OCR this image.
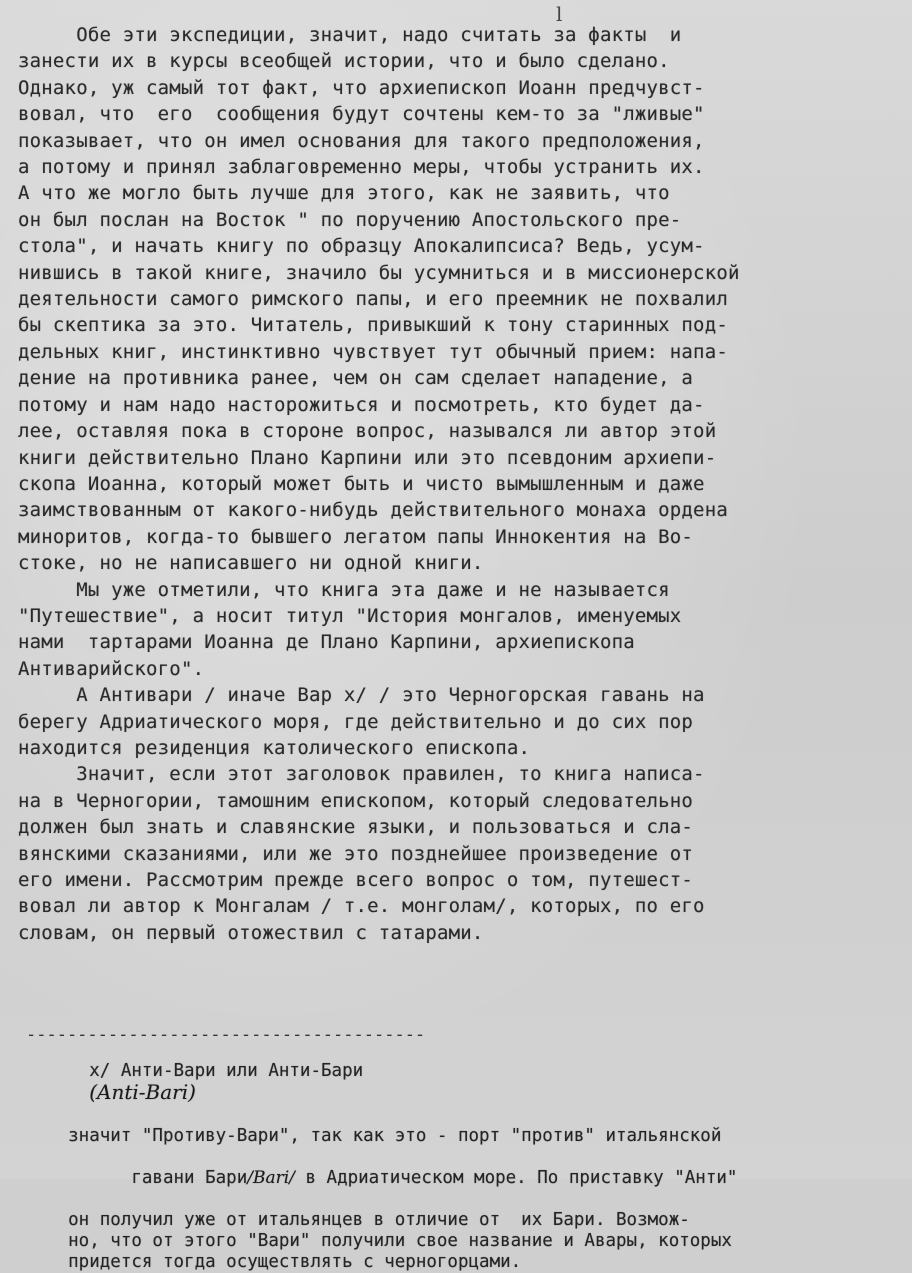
ⅼ
Обе эти экспедиции, значит, надо считать за факты  и
занести их в курсы всеобщей истории, что и было сделано.
Однако, уж самый тот факт, что архиепископ Иоанн предчувст-
вовал, что  его  сообщения будут сочтены кем-то за "лживые"
показывает, что он имел основания для такого предположения,
а потому и принял заблаговременно меры, чтобы устранить их.
А что же могло быть лучше для этого, как не заявить, что
он был послан на Восток " по поручению Апостольского пре-
стола", и начать книгу по образцу Апокалипсиса? Ведь, усум-
нившись в такой книге, значило бы усумниться и в миссионерской
деятельности самого римского папы, и его преемник не похвалил
бы скептика за это. Читатель, привыкший к тону старинных под-
дельных книг, инстинктивно чувствует тут обычный прием: напа-
дение на противника ранее, чем он сам сделает нападение, а
потому и нам надо насторожиться и посмотреть, кто будет да-
лее, оставляя пока в стороне вопрос, назывался ли автор этой
книги действительно Плано Карпини или это псевдоним архиепи-
скопа Иоанна, который может быть и чисто вымышленным и даже
заимствованным от какого-нибудь действительного монаха ордена
миноритов, когда-то бывшего легатом папы Иннокентия на Во-
стоке, но не написавшего ни одной книги.
Мы уже отметили, что книга эта даже и не называется
"Путешествие", а носит титул "История монгалов, именуемых
нами  тартарами Иоанна де Плано Карпини, архиепископа
Антиварийского".
А Антивари / иначе Вар x/ / это Черногорская гавань на
берегу Адриатического моря, где действительно и до сих пор
находится резиденция католического епископа.
Значит, если этот заголовок правилен, то книга написа-
на в Черногории, тамошним епископом, который следовательно
должен был знать и славянские языки, и пользоваться и сла-
вянскими сказаниями, или же это позднейшее произведение от
его имени. Рассмотрим прежде всего вопрос о том, путешест-
вовал ли автор к Монгалам / т.е. монголам/, которых, по его
словам, он первый отожествил с татарами.
---------------------------------------

x/ Анти-Вари или Анти-Бари
(Anti-Bari)

значит "Противу-Вари", так как это - порт "против" итальянской

гавани Бари/Bari/ в Адриатическом море. По приставку "Анти"

он получил уже от итальянцев в отличие от  их Бари. Возмож-
но, что от этого "Вари" получили свое название и Авары, которых
придется тогда осуществлять с черногорцами.
